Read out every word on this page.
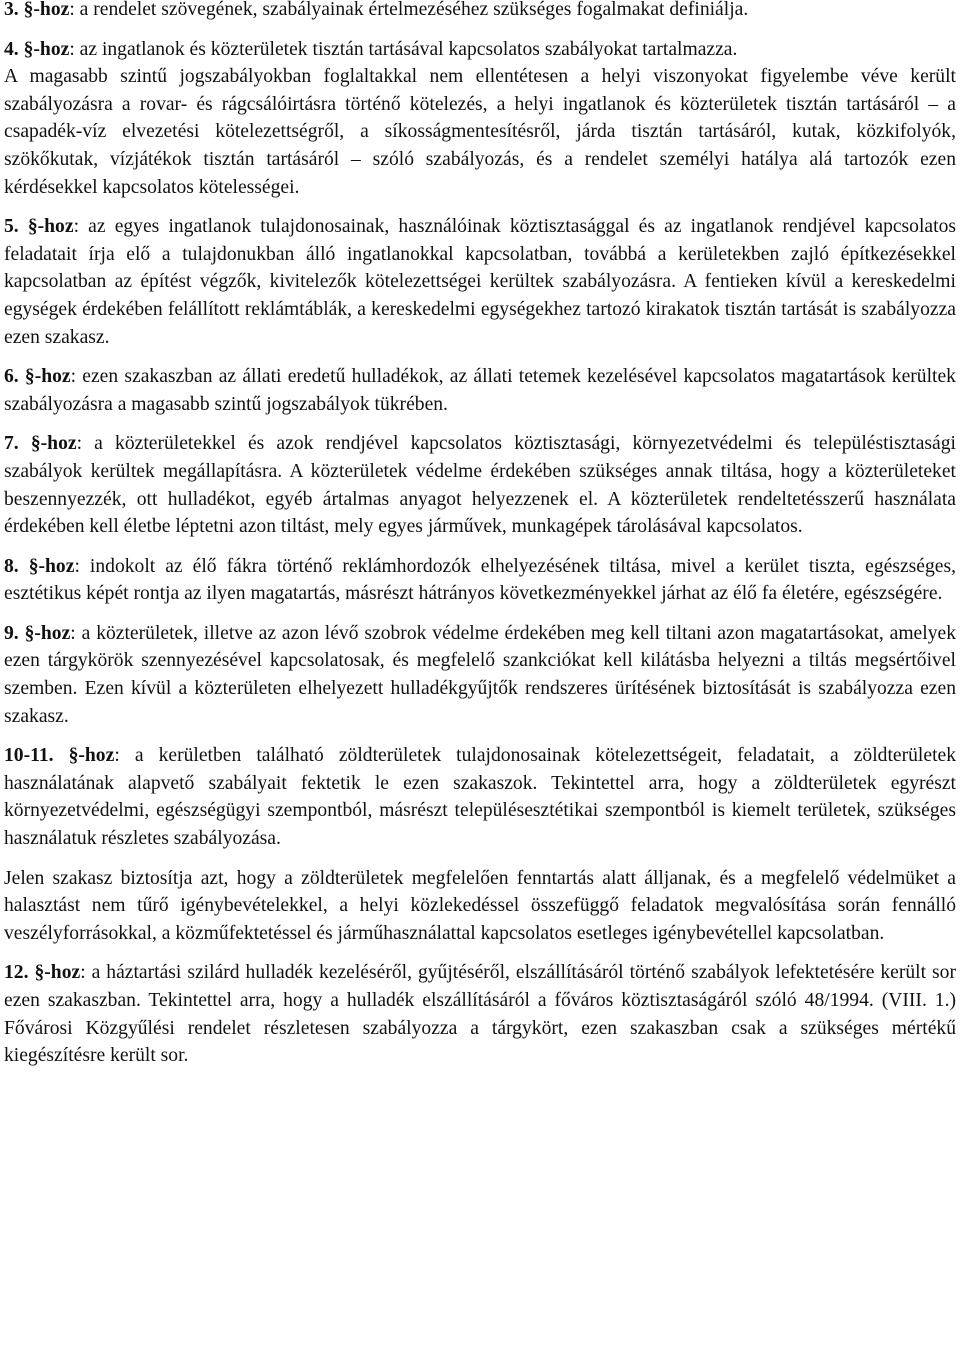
3. §-hoz: a rendelet szövegének, szabályainak értelmezéséhez szükséges fogalmakat definiálja.

4. §-hoz: az ingatlanok és közterületek tisztán tartásával kapcsolatos szabályokat tartalmazza.

A magasabb szintű jogszabályokban foglaltakkal nem ellentétesen a helyi viszonyokat figyelembe véve került szabályozásra a rovar- és rágcsálóirtásra történő kötelezés, a helyi ingatlanok és közterületek tisztán tartásáról – a csapadék-víz elvezetési kötelezettségről, a síkosságmentesítésről, járda tisztán tartásáról, kutak, közkifolyók, szökőkutak, vízjátékok tisztán tartásáról – szóló szabályozás, és a rendelet személyi hatálya alá tartozók ezen kérdésekkel kapcsolatos kötelességei.

5. §-hoz: az egyes ingatlanok tulajdonosainak, használóinak köztisztasággal és az ingatlanok rendjével kapcsolatos feladatait írja elő a tulajdonukban álló ingatlanokkal kapcsolatban, továbbá a kerületekben zajló építkezésekkel kapcsolatban az építést végzők, kivitelezők kötelezettségei kerültek szabályozásra. A fentieken kívül a kereskedelmi egységek érdekében felállított reklámtáblák, a kereskedelmi egységekhez tartozó kirakatok tisztán tartását is szabályozza ezen szakasz.

6. §-hoz: ezen szakaszban az állati eredetű hulladékok, az állati tetemek kezelésével kapcsolatos magatartások kerültek szabályozásra a magasabb szintű jogszabályok tükrében.

7. §-hoz: a közterületekkel és azok rendjével kapcsolatos köztisztasági, környezetvédelmi és településtisztasági szabályok kerültek megállapításra. A közterületek védelme érdekében szükséges annak tiltása, hogy a közterületeket beszennyezzék, ott hulladékot, egyéb ártalmas anyagot helyezzenek el. A közterületek rendeltetésszerű használata érdekében kell életbe léptetni azon tiltást, mely egyes járművek, munkagépek tárolásával kapcsolatos.

8. §-hoz: indokolt az élő fákra történő reklámhordozók elhelyezésének tiltása, mivel a kerület tiszta, egészséges, esztétikus képét rontja az ilyen magatartás, másrészt hátrányos következményekkel járhat az élő fa életére, egészségére.

9. §-hoz: a közterületek, illetve az azon lévő szobrok védelme érdekében meg kell tiltani azon magatartásokat, amelyek ezen tárgykörök szennyezésével kapcsolatosak, és megfelelő szankciókat kell kilátásba helyezni a tiltás megsértőivel szemben. Ezen kívül a közterületen elhelyezett hulladékgyűjtők rendszeres ürítésének biztosítását is szabályozza ezen szakasz.

10-11. §-hoz: a kerületben található zöldterületek tulajdonosainak kötelezettségeit, feladatait, a zöldterületek használatának alapvető szabályait fektetik le ezen szakaszok. Tekintettel arra, hogy a zöldterületek egyrészt környezetvédelmi, egészségügyi szempontból, másrészt településesztétikai szempontból is kiemelt területek, szükséges használatuk részletes szabályozása.

Jelen szakasz biztosítja azt, hogy a zöldterületek megfelelően fenntartás alatt álljanak, és a megfelelő védelmüket a halasztást nem tűrő igénybevételekkel, a helyi közlekedéssel összefüggő feladatok megvalósítása során fennálló veszélyforrásokkal, a közműfektetéssel és járműhasználattal kapcsolatos esetleges igénybevétellel kapcsolatban.

12. §-hoz: a háztartási szilárd hulladék kezeléséről, gyűjtéséről, elszállításáról történő szabályok lefektetésére került sor ezen szakaszban. Tekintettel arra, hogy a hulladék elszállításáról a főváros köztisztaságáról szóló 48/1994. (VIII. 1.) Fővárosi Közgyűlési rendelet részletesen szabályozza a tárgykört, ezen szakaszban csak a szükséges mértékű kiegészítésre került sor.
